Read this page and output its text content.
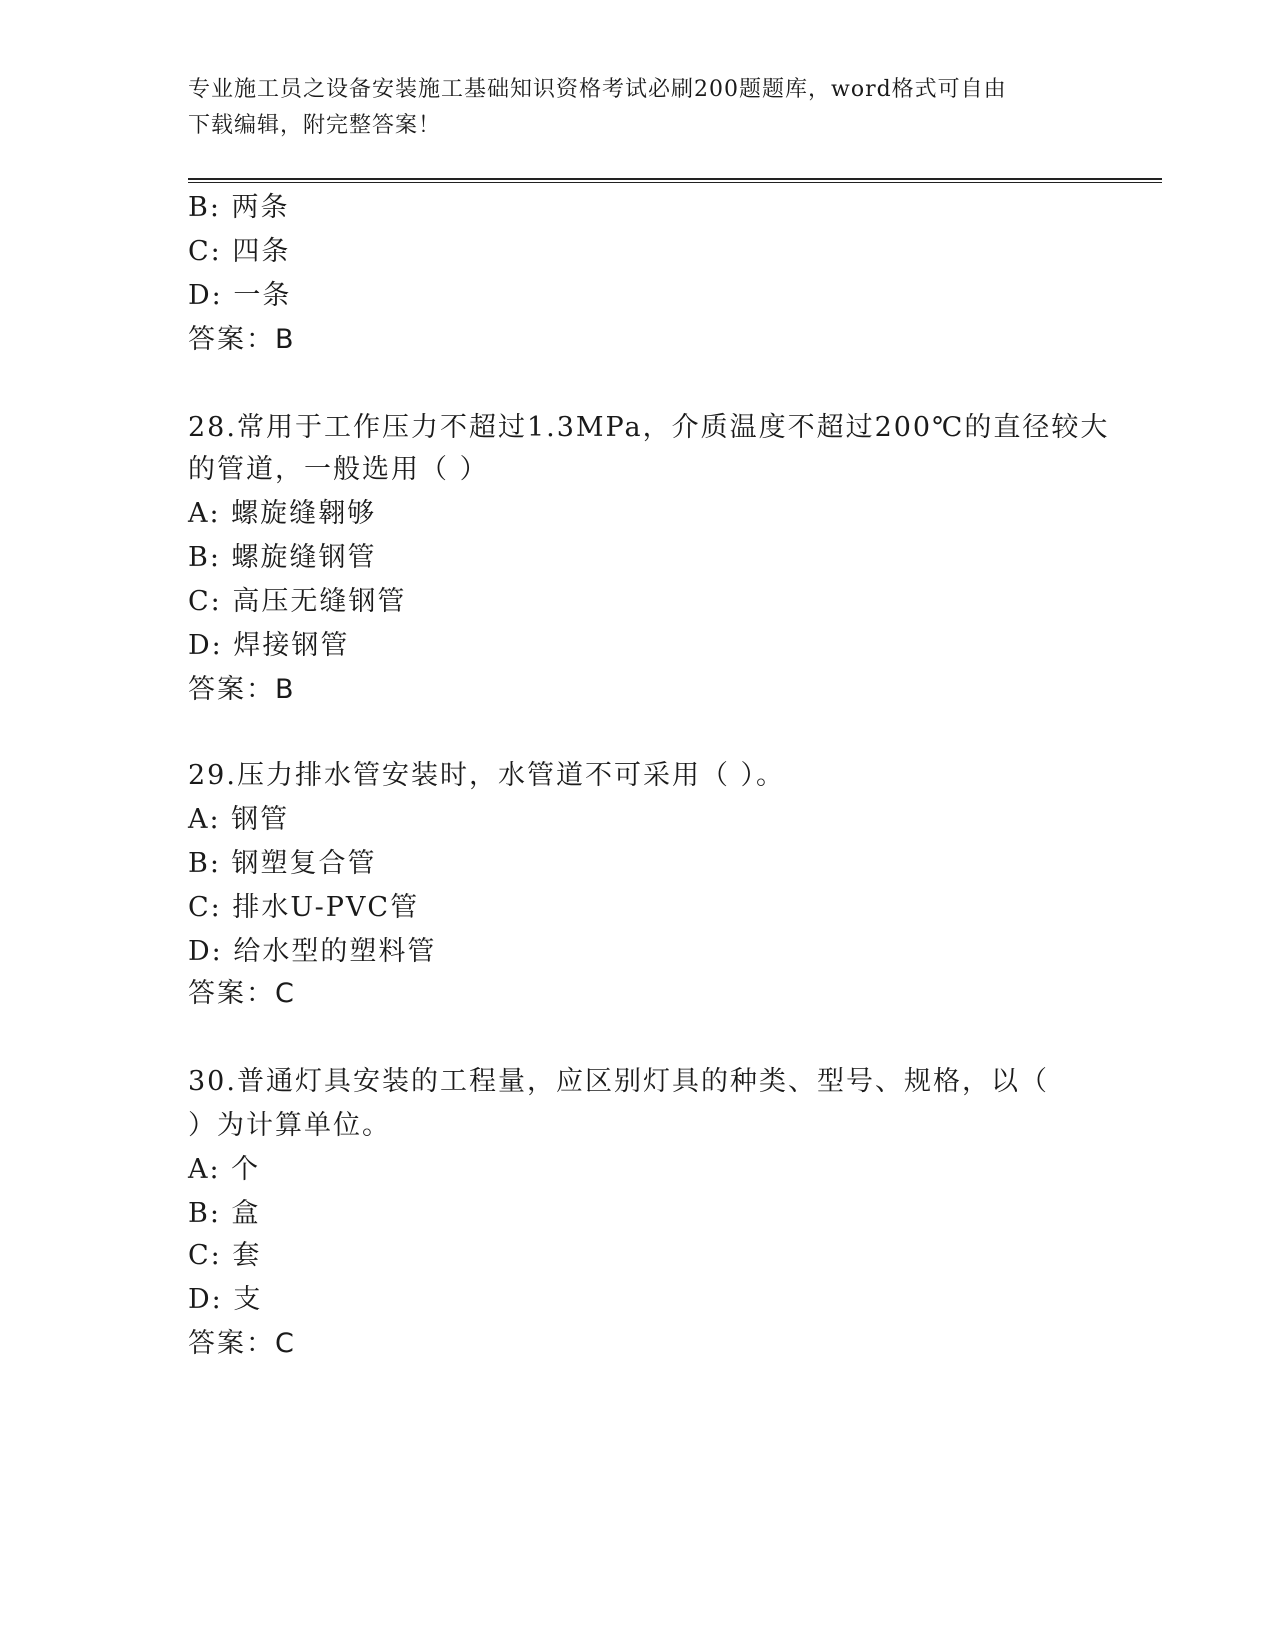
专业施工员之设备安装施工基础知识资格考试必刷200题题库，word格式可自由
下载编辑，附完整答案！
B: 两条
C: 四条
D: 一条
答案：B
28.常用于工作压力不超过1.3MPa，介质温度不超过200℃的直径较大
的管道，一般选用（ ）
A: 螺旋缝翱够
B: 螺旋缝钢管
C: 高压无缝钢管
D: 焊接钢管
答案：B
29.压力排水管安装时，水管道不可采用（ ）。
A: 钢管
B: 钢塑复合管
C: 排水U-PVC管
D: 给水型的塑料管
答案：C
30.普通灯具安装的工程量，应区别灯具的种类、型号、规格，以（
）为计算单位。
A: 个
B: 盒
C: 套
D: 支
答案：C
